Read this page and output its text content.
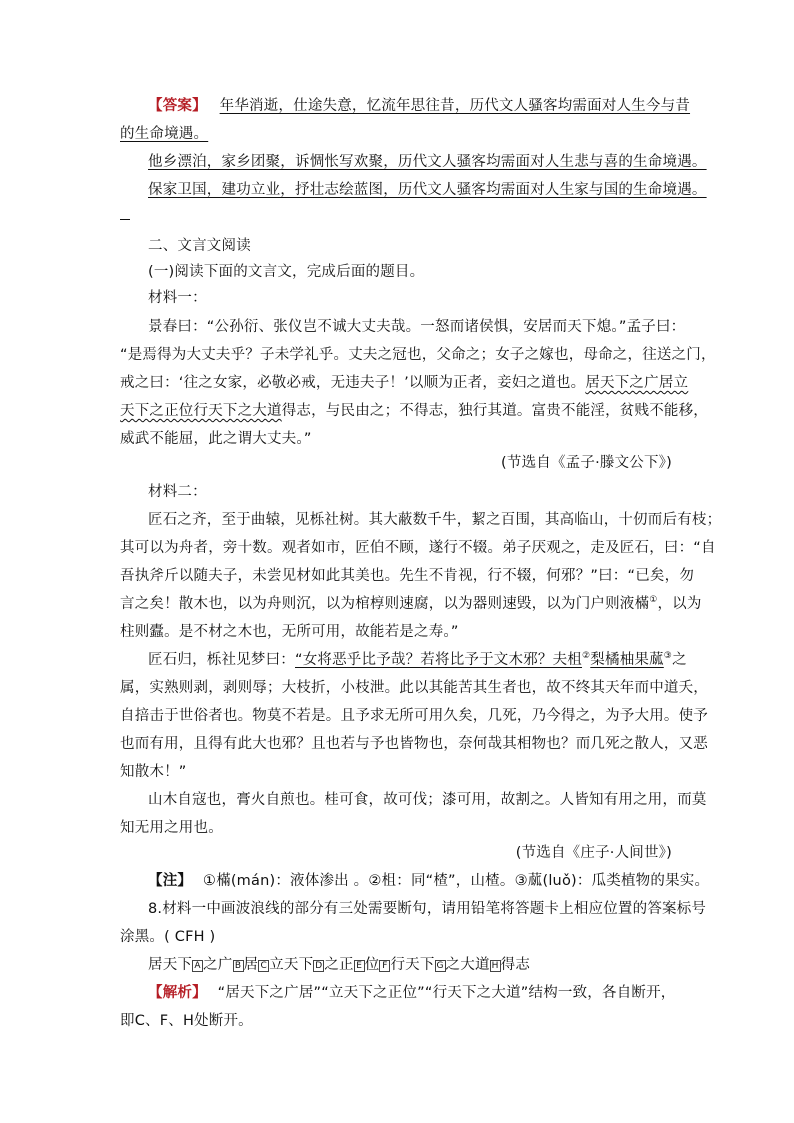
【答案】 年华消逝，仕途失意，忆流年思往昔，历代文人骚客均需面对人生今与昔
的生命境遇。
他乡漂泊，家乡团聚，诉惆怅写欢聚，历代文人骚客均需面对人生悲与喜的生命境遇。
保家卫国，建功立业，抒壮志绘蓝图，历代文人骚客均需面对人生家与国的生命境遇。
二、文言文阅读
(一)阅读下面的文言文，完成后面的题目。
材料一：
景春曰：“公孙衍、张仪岂不诚大丈夫哉。一怒而诸侯惧，安居而天下熄。”孟子曰：
“是焉得为大丈夫乎？子未学礼乎。丈夫之冠也，父命之；女子之嫁也，母命之，往送之门，
戒之曰：‘往之女家，必敬必戒，无违夫子！’以顺为正者，妾妇之道也。居天下之广居立
天下之正位行天下之大道得志，与民由之；不得志，独行其道。富贵不能淫，贫贱不能移，
威武不能屈，此之谓大丈夫。”
(节选自《孟子·滕文公下》)
材料二：
匠石之齐，至于曲辕，见栎社树。其大蔽数千牛，絜之百围，其高临山，十仞而后有枝；
其可以为舟者，旁十数。观者如市，匠伯不顾，遂行不辍。弟子厌观之，走及匠石，曰：“自
吾执斧斤以随夫子，未尝见材如此其美也。先生不肯视，行不辍，何邪？”曰：“已矣，勿
言之矣！散木也，以为舟则沉，以为棺椁则速腐，以为器则速毁，以为门户则液樠①，以为
柱则蠹。是不材之木也，无所可用，故能若是之寿。”
匠石归，栎社见梦曰：“女将恶乎比予哉？若将比予于文木邪？夫柤②梨橘柚果蓏③之
属，实熟则剥，剥则辱；大枝折，小枝泄。此以其能苦其生者也，故不终其天年而中道夭，
自掊击于世俗者也。物莫不若是。且予求无所可用久矣，几死，乃今得之，为予大用。使予
也而有用，且得有此大也邪？且也若与予也皆物也，奈何哉其相物也？而几死之散人，又恶
知散木！”
山木自寇也，膏火自煎也。桂可食，故可伐；漆可用，故割之。人皆知有用之用，而莫
知无用之用也。
(节选自《庄子·人间世》)
【注】 ①樠(mán)：液体渗出 。②柤：同“楂”，山楂。③蓏(luǒ)：瓜类植物的果实。
8.材料一中画波浪线的部分有三处需要断句，请用铅笔将答题卡上相应位置的答案标号
涂黑。( CFH )
居天下 A 之广 B 居 C 立天下 D 之正 E 位 F 行天下 G 之大道 H 得志
【解析】 “居天下之广居”“立天下之正位”“行天下之大道”结构一致，各自断开，
即C、F、H处断开。
